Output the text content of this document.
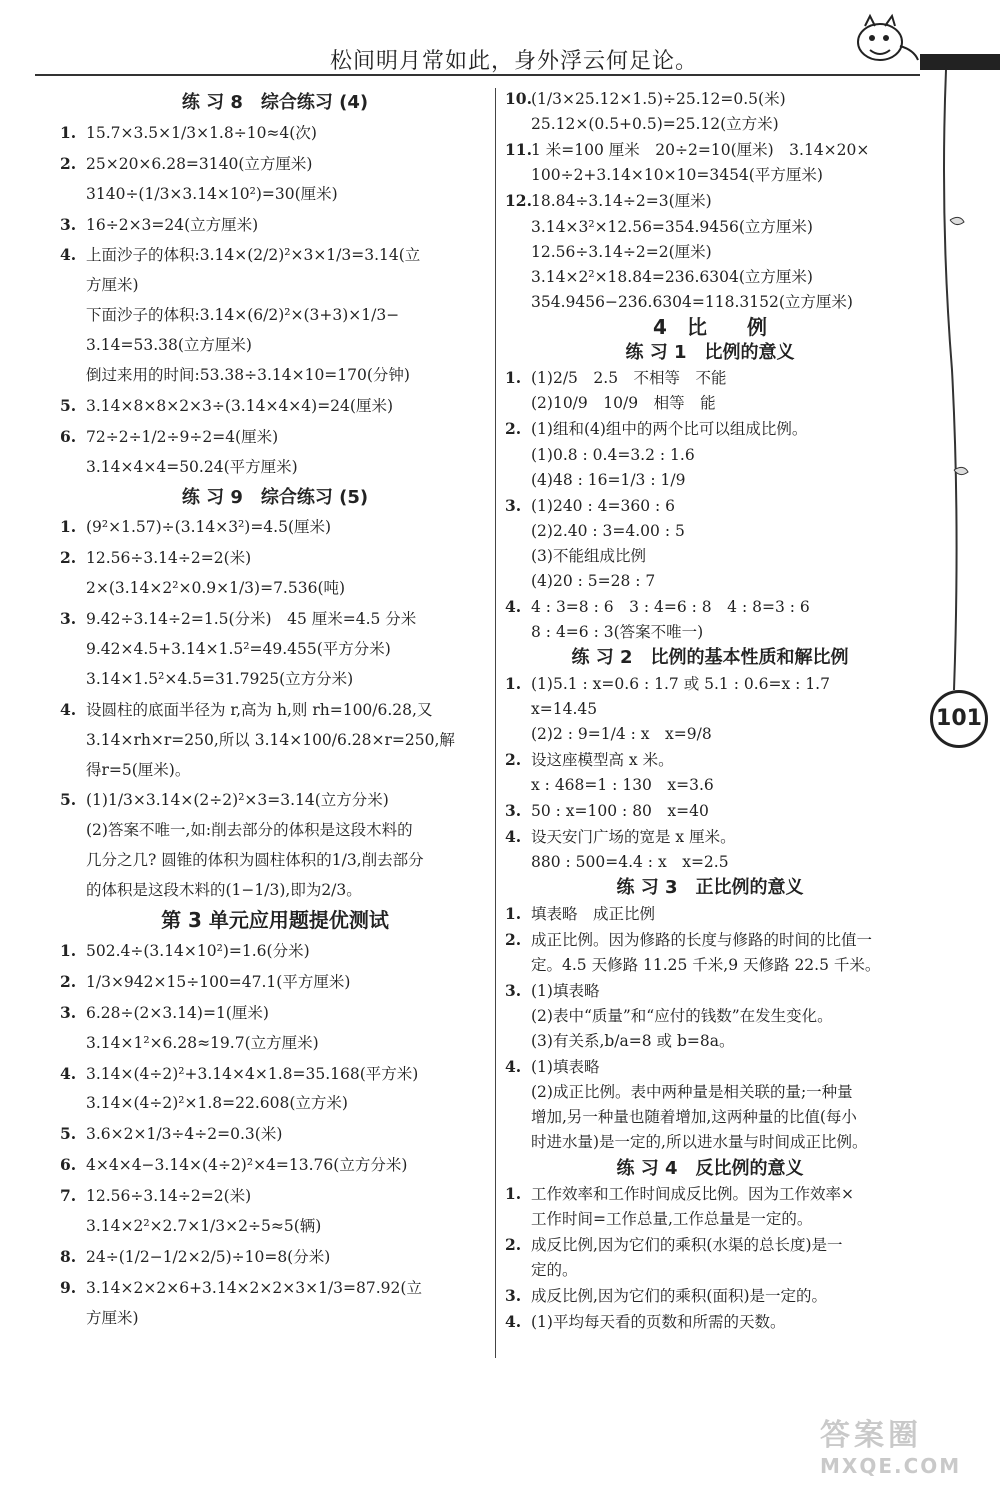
松间明月常如此，身外浮云何足论。
101
练 习 8　综合练习 (4)
1. 15.7×3.5×1/3×1.8÷10≈4(次)
2. 25×20×6.28=3140(立方厘米)
3140÷(1/3×3.14×10²)=30(厘米)
3. 16÷2×3=24(立方厘米)
4. 上面沙子的体积:3.14×(2/2)²×3×1/3=3.14(立
方厘米)
下面沙子的体积:3.14×(6/2)²×(3+3)×1/3−
3.14=53.38(立方厘米)
倒过来用的时间:53.38÷3.14×10=170(分钟)
5. 3.14×8×8×2×3÷(3.14×4×4)=24(厘米)
6. 72÷2÷1/2÷9÷2=4(厘米)
3.14×4×4=50.24(平方厘米)
练 习 9　综合练习 (5)
1. (9²×1.57)÷(3.14×3²)=4.5(厘米)
2. 12.56÷3.14÷2=2(米)
2×(3.14×2²×0.9×1/3)=7.536(吨)
3. 9.42÷3.14÷2=1.5(分米)　45 厘米=4.5 分米
9.42×4.5+3.14×1.5²=49.455(平方分米)
3.14×1.5²×4.5=31.7925(立方分米)
4. 设圆柱的底面半径为 r,高为 h,则 rh=100/6.28,又
3.14×rh×r=250,所以 3.14×100/6.28×r=250,解
得r=5(厘米)。
5. (1)1/3×3.14×(2÷2)²×3=3.14(立方分米)
(2)答案不唯一,如:削去部分的体积是这段木料的
几分之几? 圆锥的体积为圆柱体积的1/3,削去部分
的体积是这段木料的(1−1/3),即为2/3。
第 3 单元应用题提优测试
1. 502.4÷(3.14×10²)=1.6(分米)
2. 1/3×942×15÷100=47.1(平方厘米)
3. 6.28÷(2×3.14)=1(厘米)
3.14×1²×6.28≈19.7(立方厘米)
4. 3.14×(4÷2)²+3.14×4×1.8=35.168(平方米)
3.14×(4÷2)²×1.8=22.608(立方米)
5. 3.6×2×1/3÷4÷2=0.3(米)
6. 4×4×4−3.14×(4÷2)²×4=13.76(立方分米)
7. 12.56÷3.14÷2=2(米)
3.14×2²×2.7×1/3×2÷5≈5(辆)
8. 24÷(1/2−1/2×2/5)÷10=8(分米)
9. 3.14×2×2×6+3.14×2×2×3×1/3=87.92(立
方厘米)
10.(1/3×25.12×1.5)÷25.12=0.5(米)
25.12×(0.5+0.5)=25.12(立方米)
11.1 米=100 厘米　20÷2=10(厘米)　3.14×20×
100÷2+3.14×10×10=3454(平方厘米)
12.18.84÷3.14÷2=3(厘米)
3.14×3²×12.56=354.9456(立方厘米)
12.56÷3.14÷2=2(厘米)
3.14×2²×18.84=236.6304(立方厘米)
354.9456−236.6304=118.3152(立方厘米)
4　比　　例
练 习 1　比例的意义
1. (1)2/5　2.5　不相等　不能
(2)10/9　10/9　相等　能
2. (1)组和(4)组中的两个比可以组成比例。
(1)0.8 : 0.4=3.2 : 1.6
(4)48 : 16=1/3 : 1/9
3. (1)240 : 4=360 : 6
(2)2.40 : 3=4.00 : 5
(3)不能组成比例
(4)20 : 5=28 : 7
4. 4 : 3=8 : 6　3 : 4=6 : 8　4 : 8=3 : 6
8 : 4=6 : 3(答案不唯一)
练 习 2　比例的基本性质和解比例
1. (1)5.1 : x=0.6 : 1.7 或 5.1 : 0.6=x : 1.7
x=14.45
(2)2 : 9=1/4 : x　x=9/8
2. 设这座模型高 x 米。
x : 468=1 : 130　x=3.6
3. 50 : x=100 : 80　x=40
4. 设天安门广场的宽是 x 厘米。
880 : 500=4.4 : x　x=2.5
练 习 3　正比例的意义
1. 填表略　成正比例
2. 成正比例。因为修路的长度与修路的时间的比值一
定。4.5 天修路 11.25 千米,9 天修路 22.5 千米。
3. (1)填表略
(2)表中“质量”和“应付的钱数”在发生变化。
(3)有关系,b/a=8 或 b=8a。
4. (1)填表略
(2)成正比例。表中两种量是相关联的量;一种量
增加,另一种量也随着增加,这两种量的比值(每小
时进水量)是一定的,所以进水量与时间成正比例。
练 习 4　反比例的意义
1. 工作效率和工作时间成反比例。因为工作效率×
工作时间=工作总量,工作总量是一定的。
2. 成反比例,因为它们的乘积(水渠的总长度)是一
定的。
3. 成反比例,因为它们的乘积(面积)是一定的。
4. (1)平均每天看的页数和所需的天数。
答案圈
MXQE.COM
